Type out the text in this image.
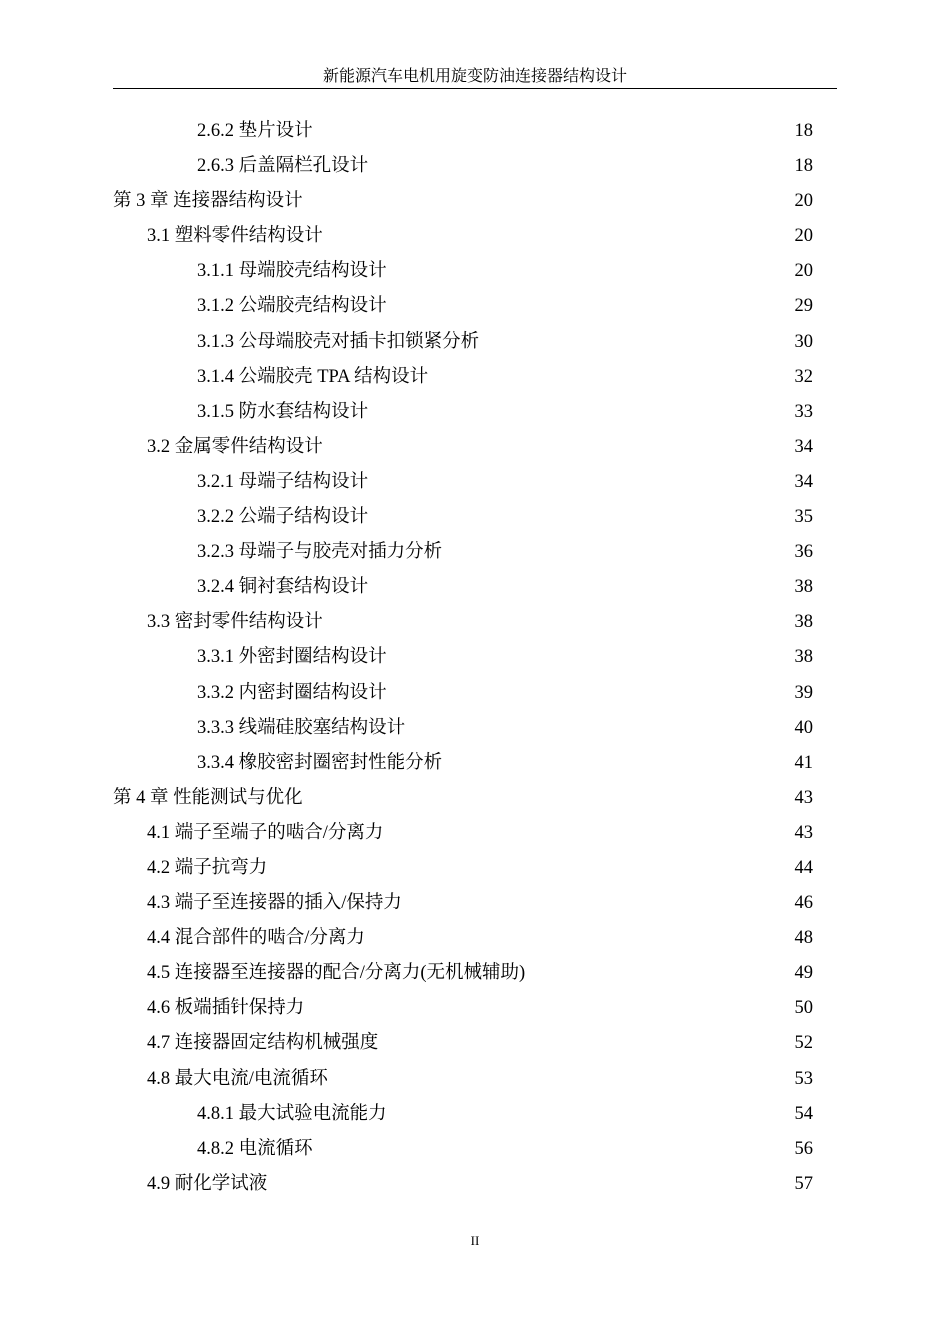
新能源汽车电机用旋变防油连接器结构设计
2.6.2 垫片设计	18
2.6.3 后盖隔栏孔设计	18
第 3 章 连接器结构设计	20
3.1 塑料零件结构设计	20
3.1.1 母端胶壳结构设计	20
3.1.2 公端胶壳结构设计	29
3.1.3 公母端胶壳对插卡扣锁紧分析	30
3.1.4 公端胶壳 TPA 结构设计	32
3.1.5 防水套结构设计	33
3.2 金属零件结构设计	34
3.2.1 母端子结构设计	34
3.2.2 公端子结构设计	35
3.2.3 母端子与胶壳对插力分析	36
3.2.4 铜衬套结构设计	38
3.3 密封零件结构设计	38
3.3.1 外密封圈结构设计	38
3.3.2 内密封圈结构设计	39
3.3.3 线端硅胶塞结构设计	40
3.3.4 橡胶密封圈密封性能分析	41
第 4 章 性能测试与优化	43
4.1 端子至端子的啮合/分离力	43
4.2 端子抗弯力	44
4.3 端子至连接器的插入/保持力	46
4.4 混合部件的啮合/分离力	48
4.5 连接器至连接器的配合/分离力(无机械辅助)	49
4.6 板端插针保持力	50
4.7 连接器固定结构机械强度	52
4.8 最大电流/电流循环	53
4.8.1 最大试验电流能力	54
4.8.2 电流循环	56
4.9 耐化学试液	57
II
